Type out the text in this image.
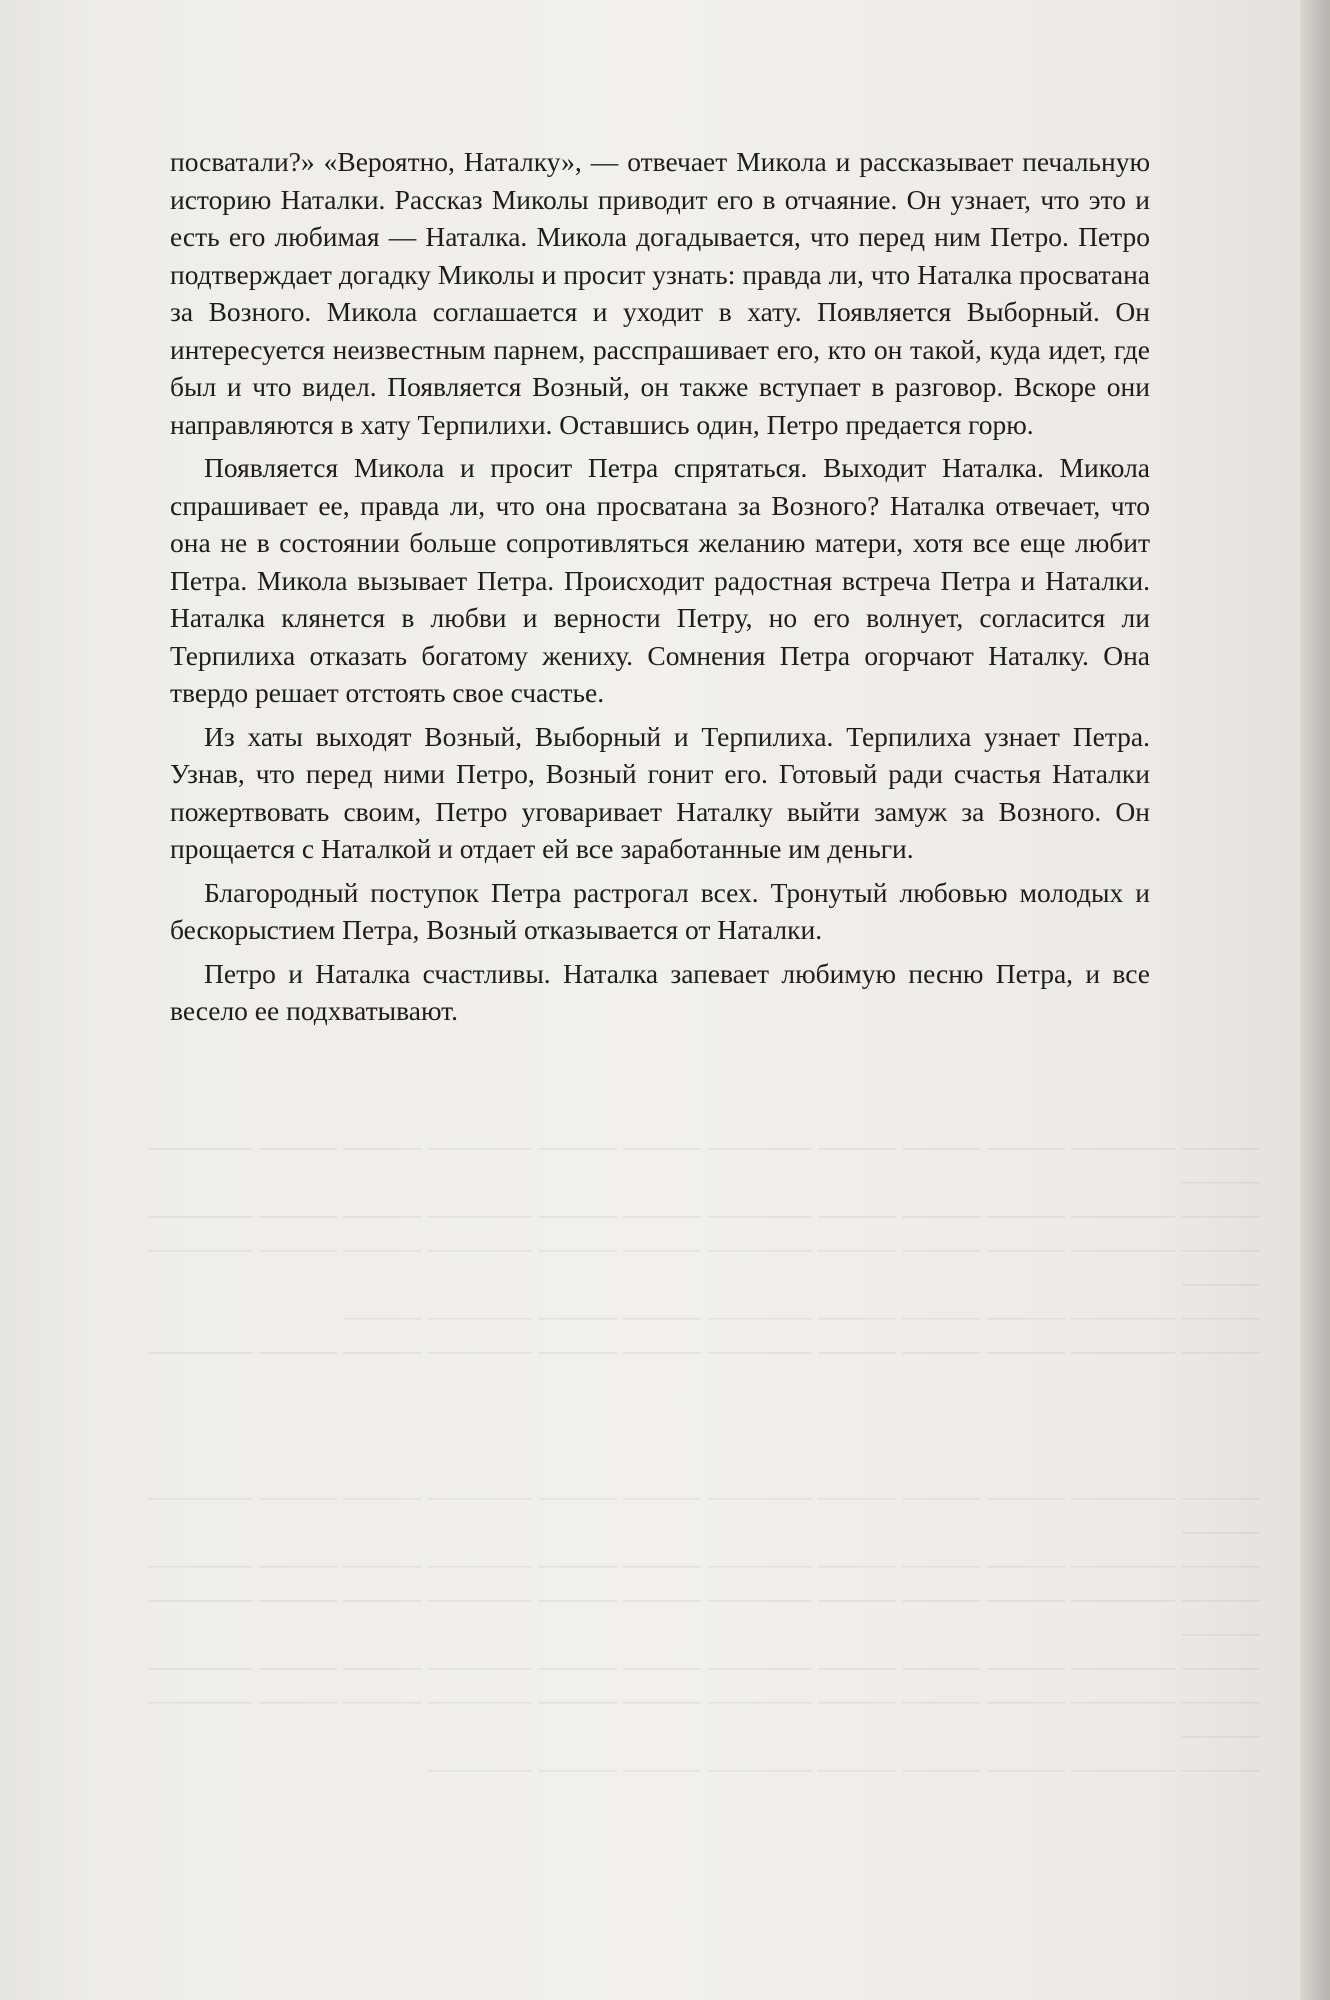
——— ———— ——— ——— ——— ———— ——— ——— ———— ——— ——— ———— ———
——— ———— ——— ——— ——— ———— ——— ——— ———— ——— ——— ————
——— ———— ——— ——— ——— ———— ——— ——— ———— ——— ——— ———— ———
——— ———— ——— ——— ——— ———— ——— ——— ———— ———
——— ———— ——— ——— ——— ———— ——— ——— ———— ——— ——— ————
——— ———— ——— ——— ——— ———— ——— ——— ———— ——— ——— ———— ———
——— ———— ——— ——— ——— ———— ——— ——— ———— ——— ——— ————
——— ———— ——— ——— ——— ———— ——— ——— ———— ——— ——— ———— ———
——— ———— ——— ——— ——— ———— ——— ——— ———— ——— ——— ————
——— ———— ——— ——— ——— ———— ——— ——— ———— ——— ——— ———— ———
——— ———— ——— ——— ——— ———— ——— ——— ————

посватали?» «Вероятно, Наталку», — отвечает Микола и рассказывает печальную историю Наталки. Рассказ Миколы приводит его в отчаяние. Он узнает, что это и есть его любимая — Наталка. Микола догадывается, что перед ним Петро. Петро подтверждает догадку Миколы и просит узнать: правда ли, что Наталка просватана за Возного. Микола соглашается и уходит в хату. Появляется Выборный. Он интересуется неизвестным парнем, расспрашивает его, кто он такой, куда идет, где был и что видел. Появляется Возный, он также вступает в разговор. Вскоре они направляются в хату Терпилихи. Оставшись один, Петро предается горю.

Появляется Микола и просит Петра спрятаться. Выходит Наталка. Микола спрашивает ее, правда ли, что она просватана за Возного? Наталка отвечает, что она не в состоянии больше сопротивляться желанию матери, хотя все еще любит Петра. Микола вызывает Петра. Происходит радостная встреча Петра и Наталки. Наталка клянется в любви и верности Петру, но его волнует, согласится ли Терпилиха отказать богатому жениху. Сомнения Петра огорчают Наталку. Она твердо решает отстоять свое счастье.

Из хаты выходят Возный, Выборный и Терпилиха. Терпилиха узнает Петра. Узнав, что перед ними Петро, Возный гонит его. Готовый ради счастья Наталки пожертвовать своим, Петро уговаривает Наталку выйти замуж за Возного. Он прощается с Наталкой и отдает ей все заработанные им деньги.

Благородный поступок Петра растрогал всех. Тронутый любовью молодых и бескорыстием Петра, Возный отказывается от Наталки.

Петро и Наталка счастливы. Наталка запевает любимую песню Петра, и все весело ее подхватывают.
